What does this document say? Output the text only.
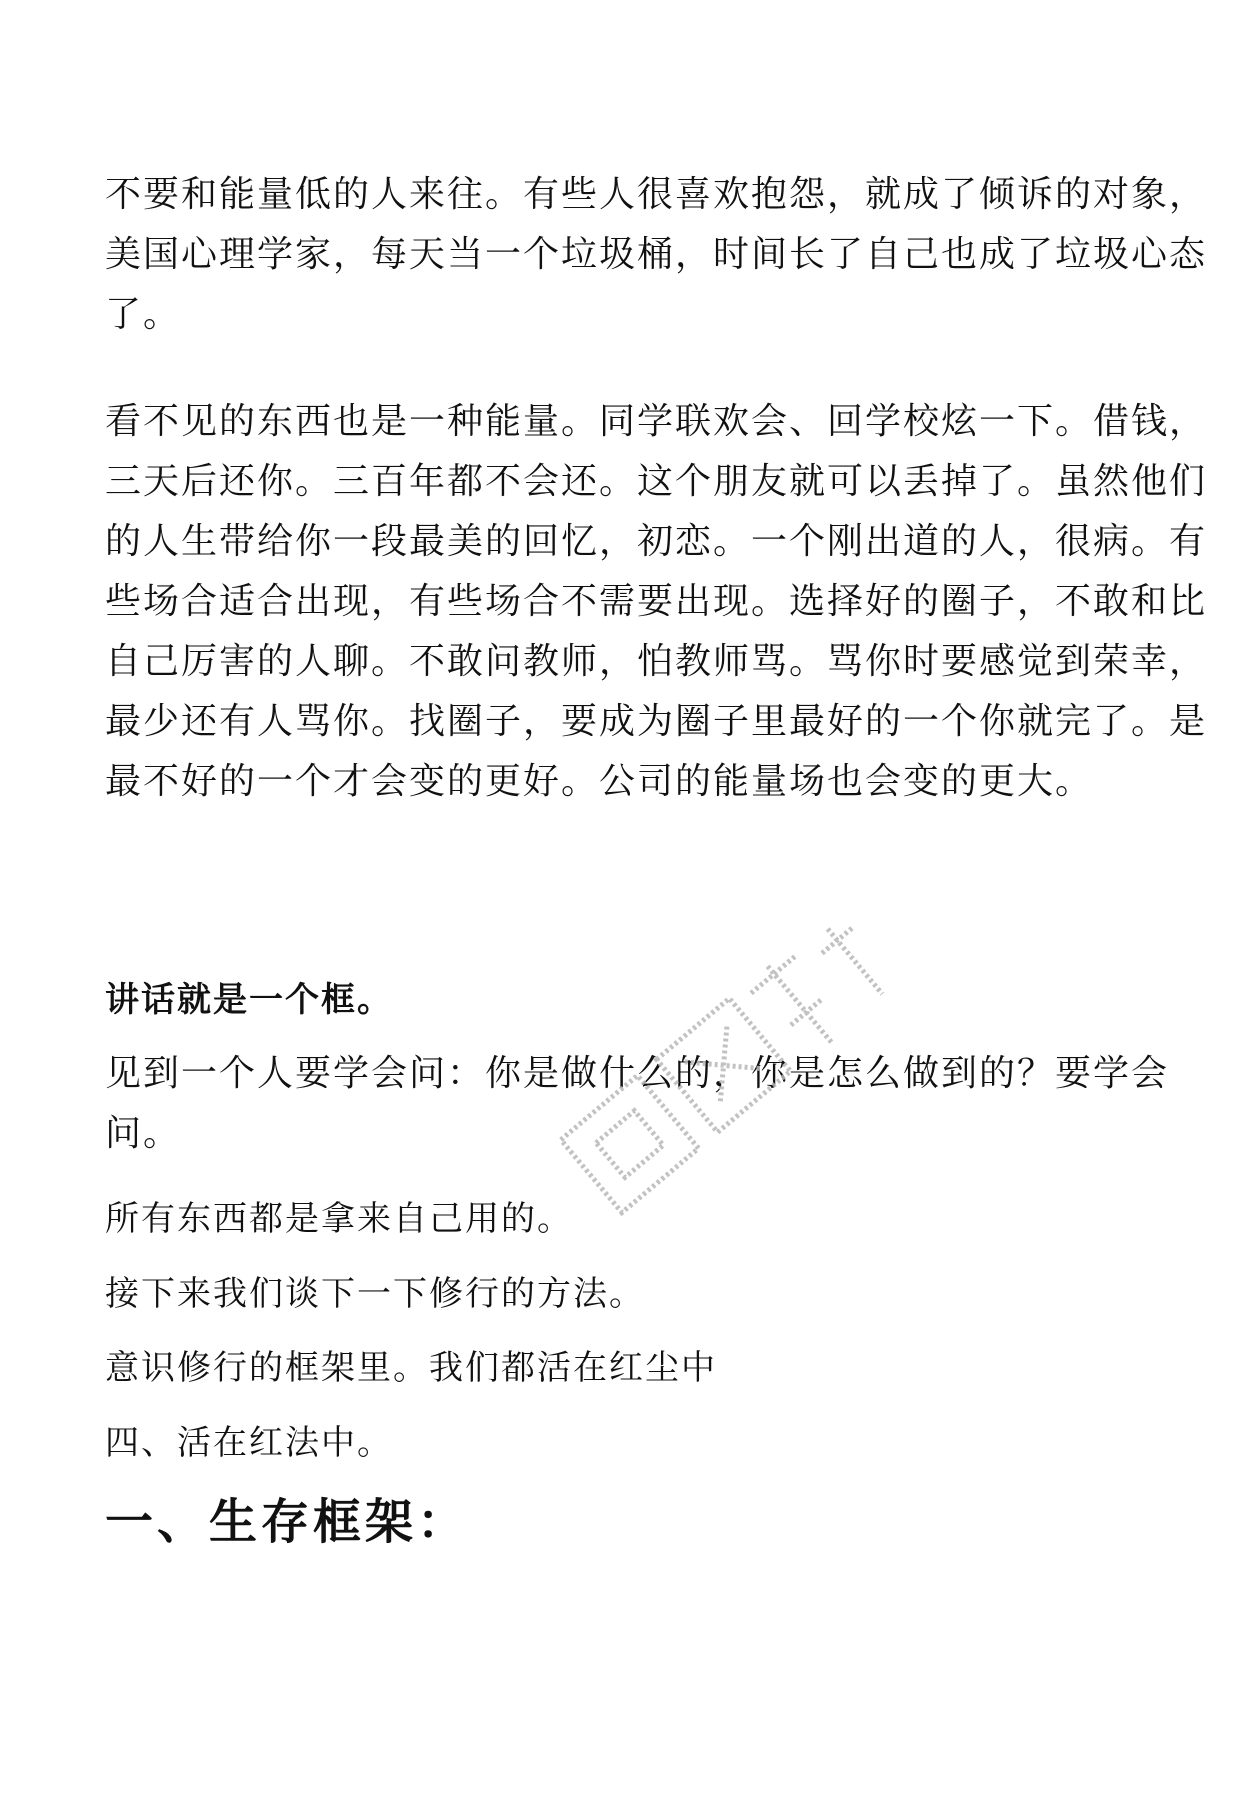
不要和能量低的人来往。有些人很喜欢抱怨，就成了倾诉的对象，
美国心理学家，每天当一个垃圾桶，时间长了自己也成了垃圾心态
了。

看不见的东西也是一种能量。同学联欢会、回学校炫一下。借钱，
三天后还你。三百年都不会还。这个朋友就可以丢掉了。虽然他们
的人生带给你一段最美的回忆，初恋。一个刚出道的人，很病。有
些场合适合出现，有些场合不需要出现。选择好的圈子，不敢和比
自己厉害的人聊。不敢问教师，怕教师骂。骂你时要感觉到荣幸，
最少还有人骂你。找圈子，要成为圈子里最好的一个你就完了。是
最不好的一个才会变的更好。公司的能量场也会变的更大。

讲话就是一个框。

见到一个人要学会问：你是做什么的，你是怎么做到的？要学会
问。

所有东西都是拿来自己用的。

接下来我们谈下一下修行的方法。

意识修行的框架里。我们都活在红尘中

四、活在红法中。

一、生存框架：
